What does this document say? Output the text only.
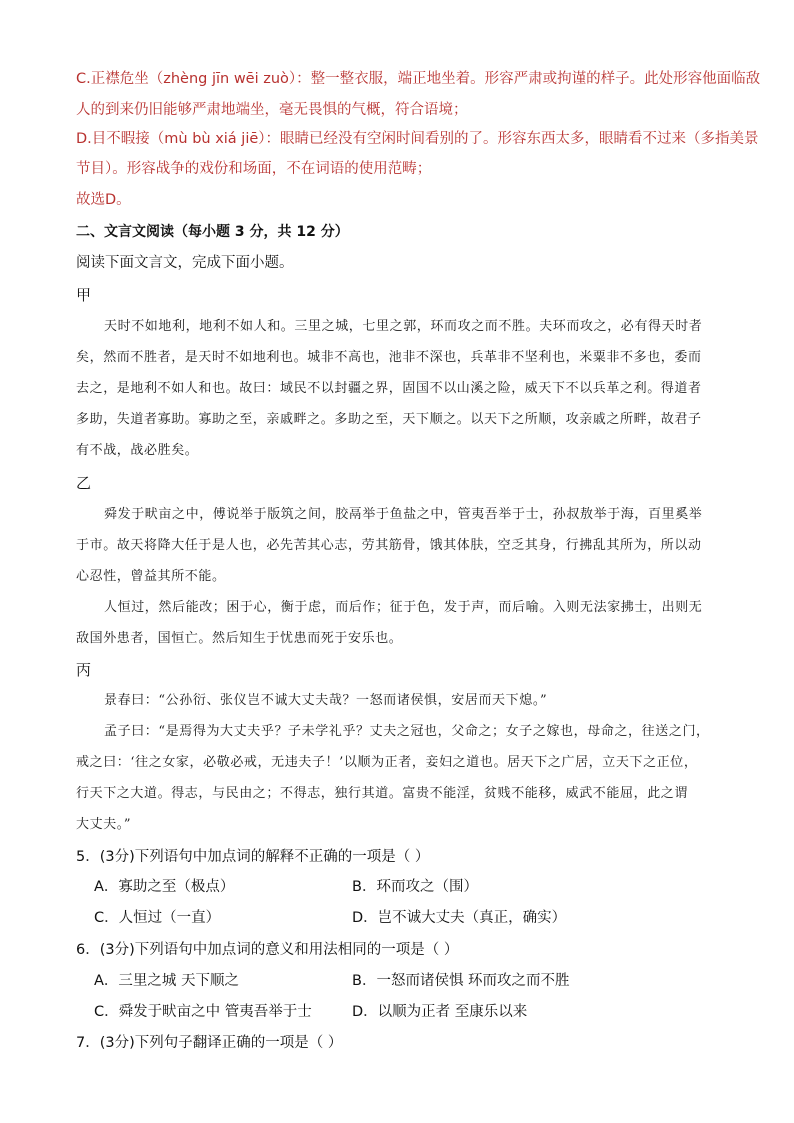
C.正襟危坐（zhèng jīn wēi zuò）：整一整衣服，端正地坐着。形容严肃或拘谨的样子。此处形容他面临敌
人的到来仍旧能够严肃地端坐，毫无畏惧的气概，符合语境；
D.目不暇接（mù bù xiá jiē）：眼睛已经没有空闲时间看别的了。形容东西太多，眼睛看不过来（多指美景
节目）。形容战争的戏份和场面，不在词语的使用范畴；
故选D。
二、文言文阅读（每小题 3 分，共 12 分）
阅读下面文言文，完成下面小题。
甲
天时不如地利，地利不如人和。三里之城，七里之郭，环而攻之而不胜。夫环而攻之，必有得天时者
矣，然而不胜者，是天时不如地利也。城非不高也，池非不深也，兵革非不坚利也，米粟非不多也，委而
去之，是地利不如人和也。故曰：域民不以封疆之界，固国不以山溪之险，威天下不以兵革之利。得道者
多助，失道者寡助。寡助之至，亲戚畔之。多助之至，天下顺之。以天下之所顺，攻亲戚之所畔，故君子
有不战，战必胜矣。
乙
舜发于畎亩之中，傅说举于版筑之间，胶鬲举于鱼盐之中，管夷吾举于士，孙叔敖举于海，百里奚举
于市。故天将降大任于是人也，必先苦其心志，劳其筋骨，饿其体肤，空乏其身，行拂乱其所为，所以动
心忍性，曾益其所不能。
人恒过，然后能改；困于心，衡于虑，而后作；征于色，发于声，而后喻。入则无法家拂士，出则无
敌国外患者，国恒亡。然后知生于忧患而死于安乐也。
丙
景春曰：“公孙衍、张仪岂不诚大丈夫哉？一怒而诸侯惧，安居而天下熄。”
孟子曰：“是焉得为大丈夫乎？子未学礼乎？丈夫之冠也，父命之；女子之嫁也，母命之，往送之门，
戒之曰：‘往之女家，必敬必戒，无违夫子！’以顺为正者，妾妇之道也。居天下之广居，立天下之正位，
行天下之大道。得志，与民由之；不得志，独行其道。富贵不能淫，贫贱不能移，威武不能屈，此之谓
大丈夫。”
5．(3分)下列语句中加点词的解释不正确的一项是（ ）
A．寡助之至（极点）	B．环而攻之（围）
C．人恒过（一直）	D．岂不诚大丈夫（真正，确实）
6．(3分)下列语句中加点词的意义和用法相同的一项是（ ）
A．三里之城 天下顺之	B．一怒而诸侯惧 环而攻之而不胜
C．舜发于畎亩之中 管夷吾举于士	D．以顺为正者 至康乐以来
7．(3分)下列句子翻译正确的一项是（ ）
